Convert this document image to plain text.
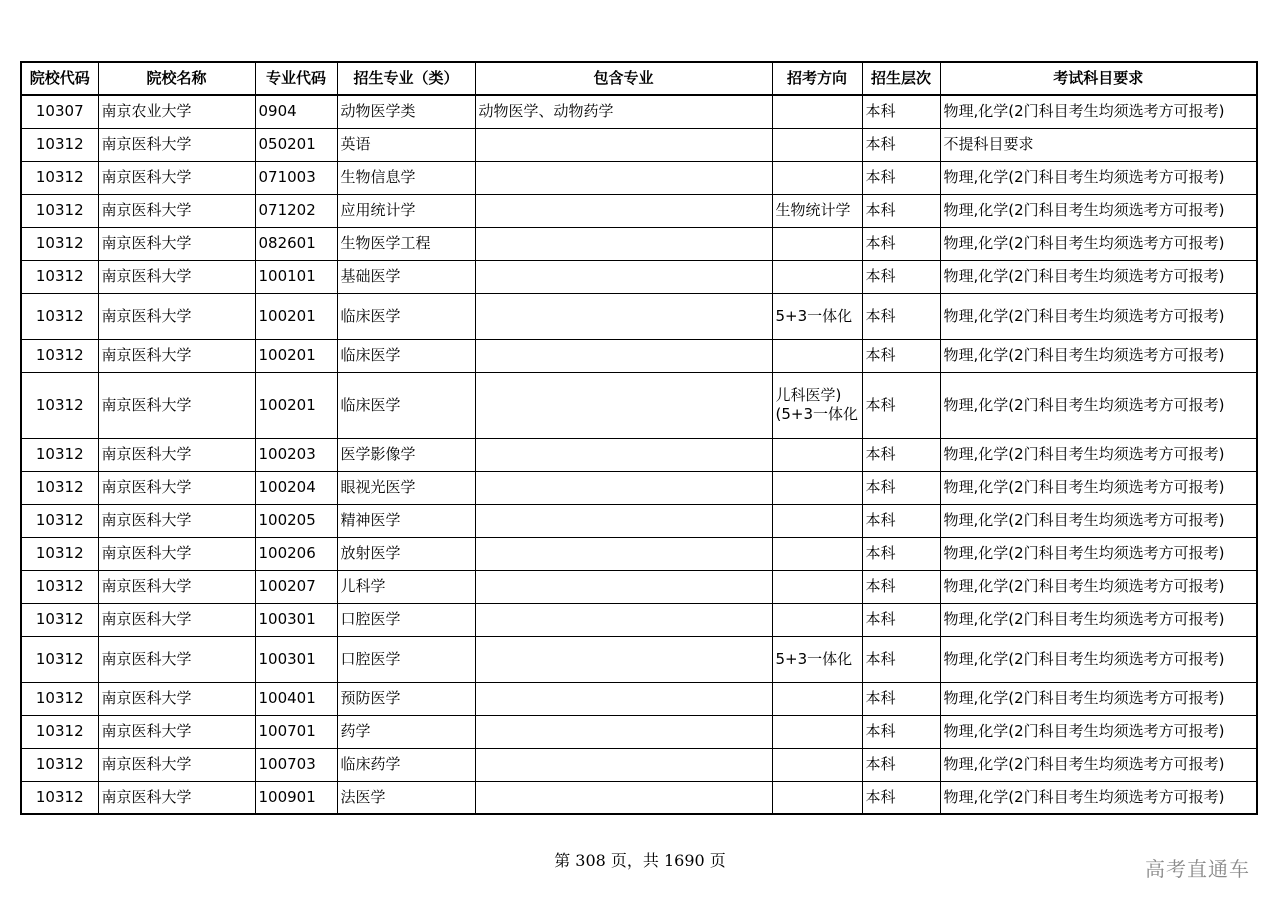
院校代码	院校名称	专业代码	招生专业（类）	包含专业	招考方向	招生层次	考试科目要求
10307	南京农业大学	0904	动物医学类	动物医学、动物药学		本科	物理,化学(2门科目考生均须选考方可报考)
10312	南京医科大学	050201	英语			本科	不提科目要求
10312	南京医科大学	071003	生物信息学			本科	物理,化学(2门科目考生均须选考方可报考)
10312	南京医科大学	071202	应用统计学		生物统计学	本科	物理,化学(2门科目考生均须选考方可报考)
10312	南京医科大学	082601	生物医学工程			本科	物理,化学(2门科目考生均须选考方可报考)
10312	南京医科大学	100101	基础医学			本科	物理,化学(2门科目考生均须选考方可报考)
10312	南京医科大学	100201	临床医学		5+3一体化	本科	物理,化学(2门科目考生均须选考方可报考)
10312	南京医科大学	100201	临床医学			本科	物理,化学(2门科目考生均须选考方可报考)
10312	南京医科大学	100201	临床医学		儿科医学)(5+3一体化	本科	物理,化学(2门科目考生均须选考方可报考)
10312	南京医科大学	100203	医学影像学			本科	物理,化学(2门科目考生均须选考方可报考)
10312	南京医科大学	100204	眼视光医学			本科	物理,化学(2门科目考生均须选考方可报考)
10312	南京医科大学	100205	精神医学			本科	物理,化学(2门科目考生均须选考方可报考)
10312	南京医科大学	100206	放射医学			本科	物理,化学(2门科目考生均须选考方可报考)
10312	南京医科大学	100207	儿科学			本科	物理,化学(2门科目考生均须选考方可报考)
10312	南京医科大学	100301	口腔医学			本科	物理,化学(2门科目考生均须选考方可报考)
10312	南京医科大学	100301	口腔医学		5+3一体化	本科	物理,化学(2门科目考生均须选考方可报考)
10312	南京医科大学	100401	预防医学			本科	物理,化学(2门科目考生均须选考方可报考)
10312	南京医科大学	100701	药学			本科	物理,化学(2门科目考生均须选考方可报考)
10312	南京医科大学	100703	临床药学			本科	物理,化学(2门科目考生均须选考方可报考)
10312	南京医科大学	100901	法医学			本科	物理,化学(2门科目考生均须选考方可报考)
第 308 页，共 1690 页	高考直通车
